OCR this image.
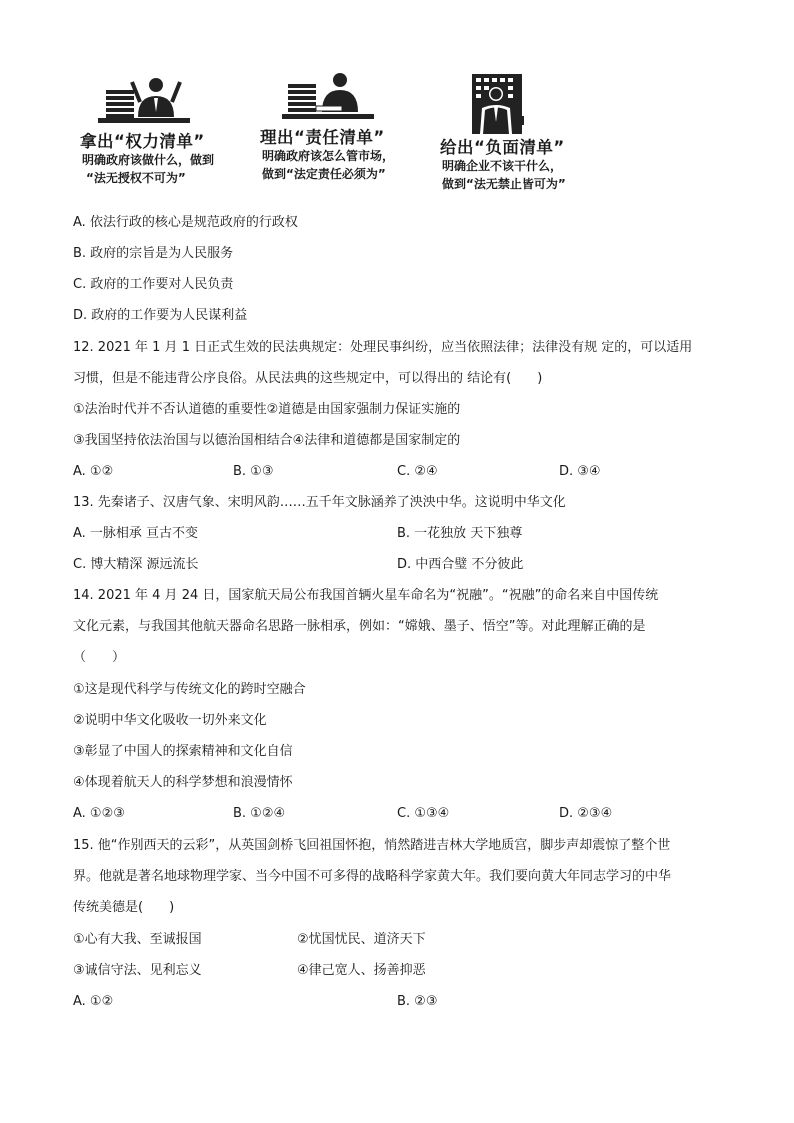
拿出“权力清单”
明确政府该做什么，做到
“法无授权不可为”
理出“责任清单”
明确政府该怎么管市场，
做到“法定责任必须为”
给出“负面清单”
明确企业不该干什么，
做到“法无禁止皆可为”
A. 依法行政的核心是规范政府的行政权
B. 政府的宗旨是为人民服务
C. 政府的工作要对人民负责
D. 政府的工作要为人民谋利益
12. 2021 年 1 月 1 日正式生效的民法典规定：处理民事纠纷，应当依照法律；法律没有规 定的，可以适用
习惯，但是不能违背公序良俗。从民法典的这些规定中，可以得出的 结论有(　　)
①法治时代并不否认道德的重要性②道德是由国家强制力保证实施的
③我国坚持依法治国与以德治国相结合④法律和道德都是国家制定的
A. ①②	B. ①③	C. ②④	D. ③④
13. 先秦诸子、汉唐气象、宋明风韵……五千年文脉涵养了泱泱中华。这说明中华文化
A. 一脉相承 亘古不变	B. 一花独放 天下独尊
C. 博大精深 源远流长	D. 中西合璧 不分彼此
14. 2021 年 4 月 24 日，国家航天局公布我国首辆火星车命名为“祝融”。“祝融”的命名来自中国传统
文化元素，与我国其他航天器命名思路一脉相承，例如：“嫦娥、墨子、悟空”等。对此理解正确的是
（　　）
①这是现代科学与传统文化的跨时空融合
②说明中华文化吸收一切外来文化
③彰显了中国人的探索精神和文化自信
④体现着航天人的科学梦想和浪漫情怀
A. ①②③	B. ①②④	C. ①③④	D. ②③④
15. 他“作别西天的云彩”，从英国剑桥飞回祖国怀抱，悄然踏进吉林大学地质宫，脚步声却震惊了整个世
界。他就是著名地球物理学家、当今中国不可多得的战略科学家黄大年。我们要向黄大年同志学习的中华
传统美德是(　　)
①心有大我、至诚报国	②忧国忧民、道济天下
③诚信守法、见利忘义	④律己宽人、扬善抑恶
A. ①②	B. ②③
